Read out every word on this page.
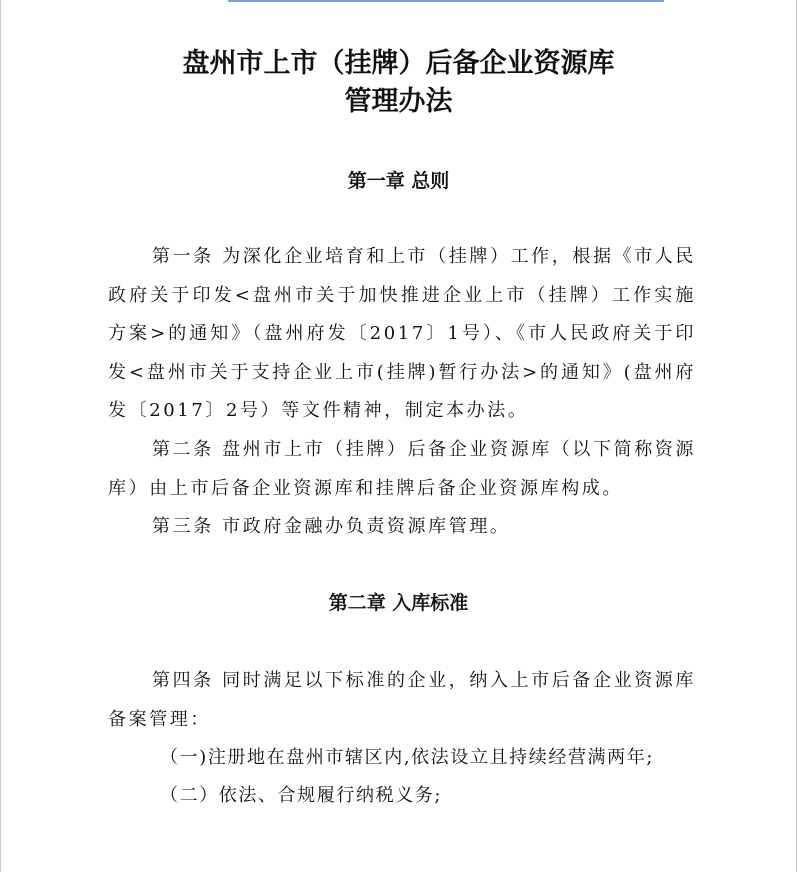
盘州市上市（挂牌）后备企业资源库
管理办法
第一章 总则

第一条 为深化企业培育和上市（挂牌）工作，根据《市人民政府关于印发<盘州市关于加快推进企业上市（挂牌）工作实施方案>的通知》（盘州府发〔2017〕1号）、《市人民政府关于印发<盘州市关于支持企业上市(挂牌)暂行办法>的通知》(盘州府发〔2017〕2号）等文件精神，制定本办法。

第二条 盘州市上市（挂牌）后备企业资源库（以下简称资源库）由上市后备企业资源库和挂牌后备企业资源库构成。

第三条 市政府金融办负责资源库管理。

第二章 入库标准

第四条 同时满足以下标准的企业，纳入上市后备企业资源库备案管理：

（一)注册地在盘州市辖区内,依法设立且持续经营满两年;

（二）依法、合规履行纳税义务;
